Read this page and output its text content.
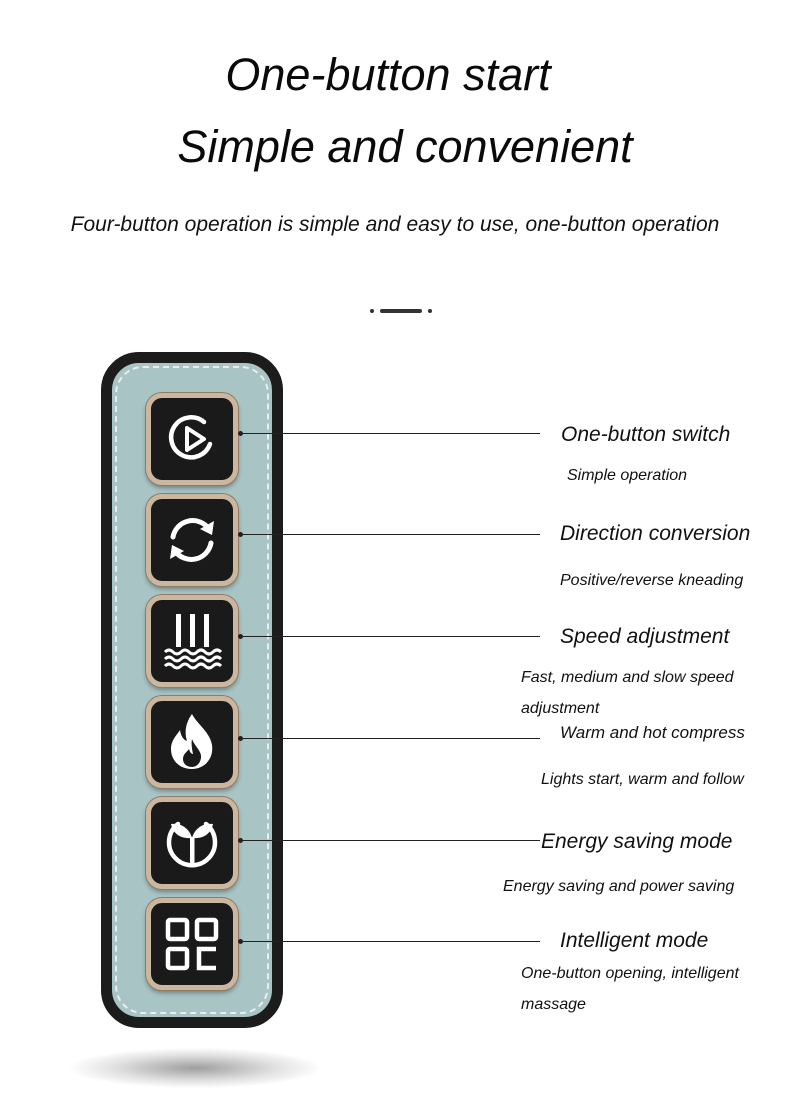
One-button start
Simple and convenient
Four-button operation is simple and easy to use, one-button operation
One-button switch
Simple operation
Direction conversion
Positive/reverse kneading
Speed adjustment
Fast, medium and slow speed adjustment
Warm and hot compress
Lights start, warm and follow
Energy saving mode
Energy saving and power saving
Intelligent mode
One-button opening, intelligent massage
